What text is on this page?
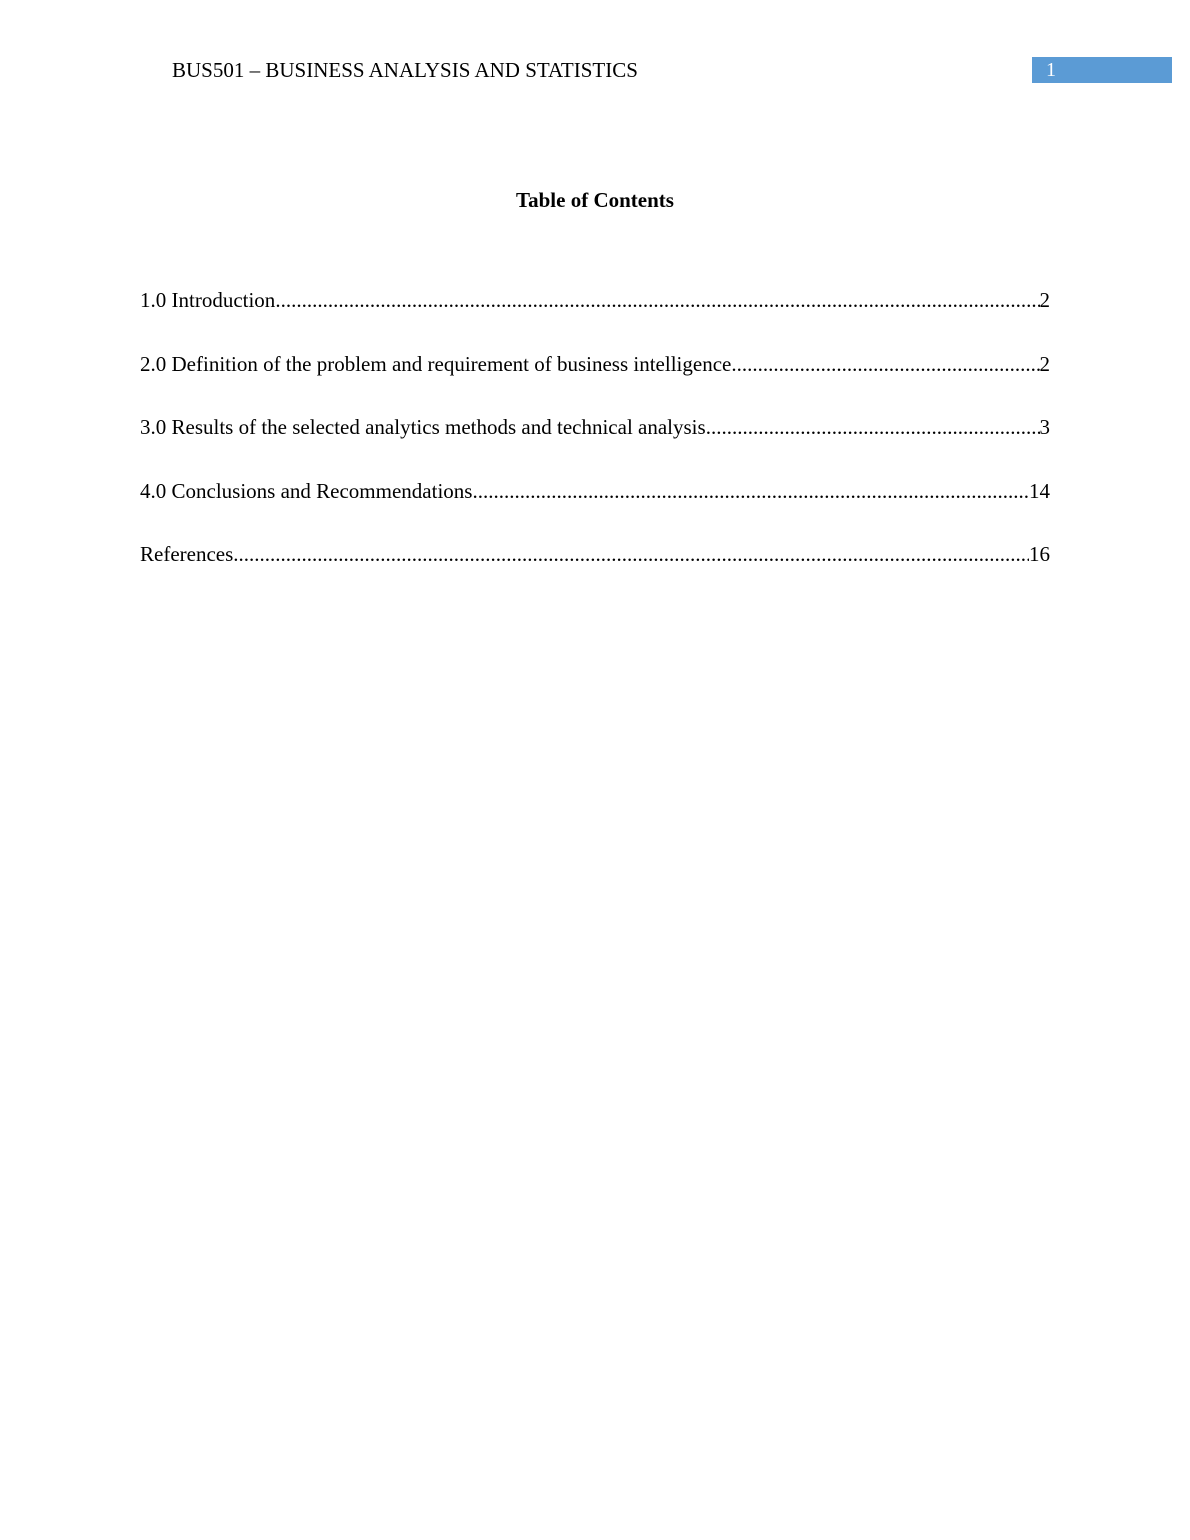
BUS501 – BUSINESS ANALYSIS AND STATISTICS	1
Table of Contents
1.0 Introduction .....	2
2.0 Definition of the problem and requirement of business intelligence .....	2
3.0 Results of the selected analytics methods and technical analysis .....	3
4.0 Conclusions and Recommendations .....	14
References .....	16
